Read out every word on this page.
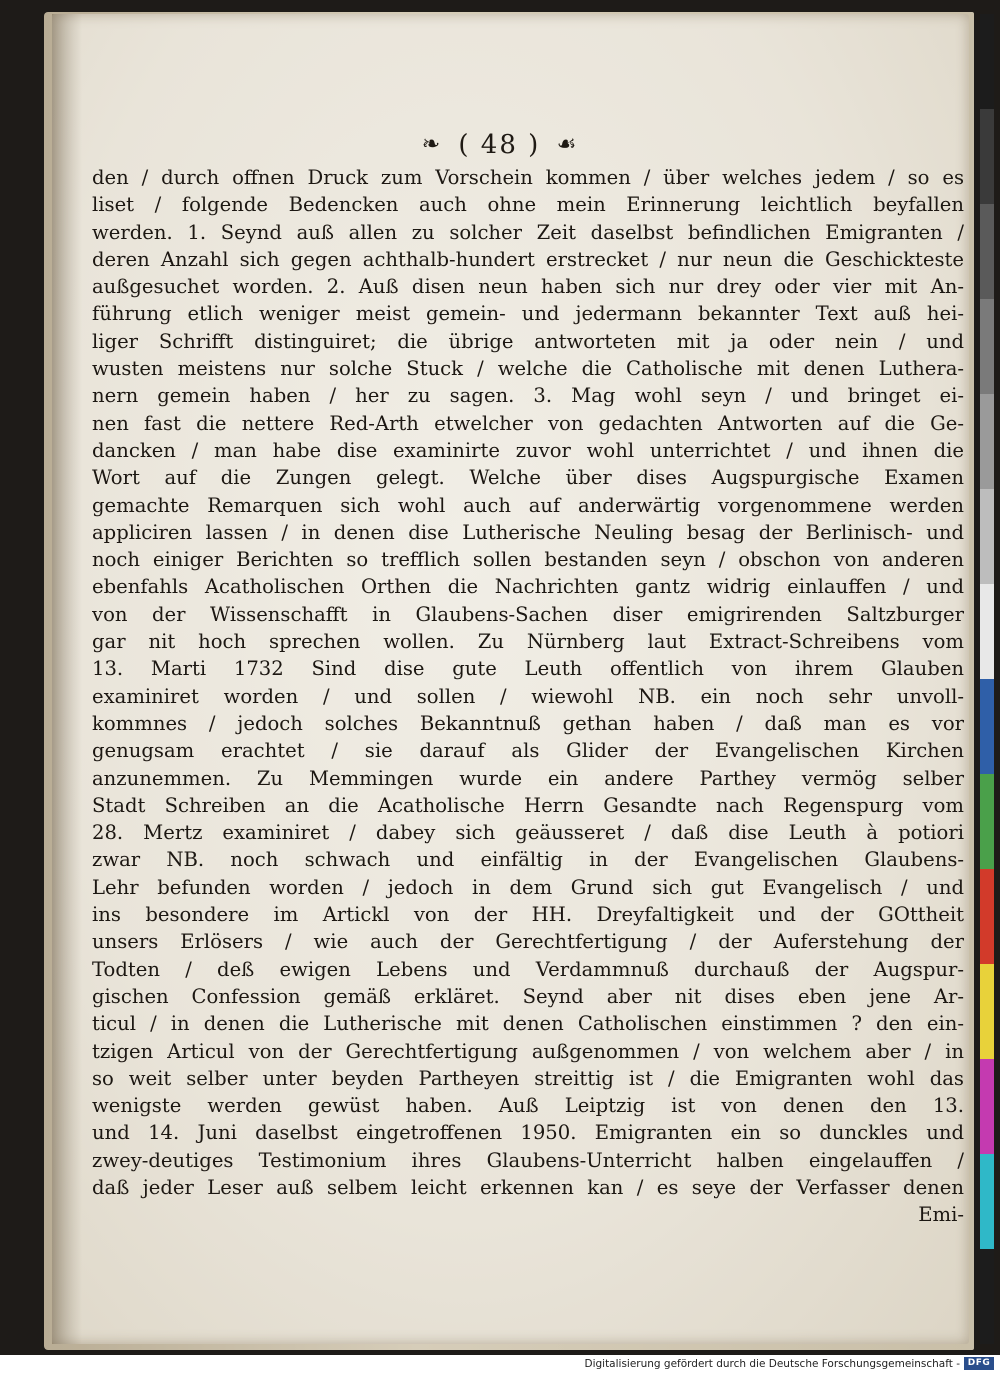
❧ ( 48 ) ☙
den / durch offnen Druck zum Vorschein kommen / über welches jedem / so es
liset / folgende Bedencken auch ohne mein Erinnerung leichtlich beyfallen
werden. 1. Seynd auß allen zu solcher Zeit daselbst befindlichen Emigranten /
deren Anzahl sich gegen achthalb-hundert erstrecket / nur neun die Geschickteste
außgesuchet worden. 2. Auß disen neun haben sich nur drey oder vier mit An-
führung etlich weniger meist gemein- und jedermann bekannter Text auß hei-
liger Schrifft distinguiret; die übrige antworteten mit ja oder nein / und
wusten meistens nur solche Stuck / welche die Catholische mit denen Luthera-
nern gemein haben / her zu sagen. 3. Mag wohl seyn / und bringet ei-
nen fast die nettere Red-Arth etwelcher von gedachten Antworten auf die Ge-
dancken / man habe dise examinirte zuvor wohl unterrichtet / und ihnen die
Wort auf die Zungen gelegt. Welche über dises Augspurgische Examen
gemachte Remarquen sich wohl auch auf anderwärtig vorgenommene werden
appliciren lassen / in denen dise Lutherische Neuling besag der Berlinisch- und
noch einiger Berichten so trefflich sollen bestanden seyn / obschon von anderen
ebenfahls Acatholischen Orthen die Nachrichten gantz widrig einlauffen / und
von der Wissenschafft in Glaubens-Sachen diser emigrirenden Saltzburger
gar nit hoch sprechen wollen. Zu Nürnberg laut Extract-Schreibens vom
13. Marti 1732 Sind dise gute Leuth offentlich von ihrem Glauben
examiniret worden / und sollen / wiewohl NB. ein noch sehr unvoll-
kommnes / jedoch solches Bekanntnuß gethan haben / daß man es vor
genugsam erachtet / sie darauf als Glider der Evangelischen Kirchen
anzunemmen. Zu Memmingen wurde ein andere Parthey vermög selber
Stadt Schreiben an die Acatholische Herrn Gesandte nach Regenspurg vom
28. Mertz examiniret / dabey sich geäusseret / daß dise Leuth à potiori
zwar NB. noch schwach und einfältig in der Evangelischen Glaubens-
Lehr befunden worden / jedoch in dem Grund sich gut Evangelisch / und
ins besondere im Artickl von der HH. Dreyfaltigkeit und der GOttheit
unsers Erlösers / wie auch der Gerechtfertigung / der Auferstehung der
Todten / deß ewigen Lebens und Verdammnuß durchauß der Augspur-
gischen Confession gemäß erkläret. Seynd aber nit dises eben jene Ar-
ticul / in denen die Lutherische mit denen Catholischen einstimmen ? den ein-
tzigen Articul von der Gerechtfertigung außgenommen / von welchem aber / in
so weit selber unter beyden Partheyen streittig ist / die Emigranten wohl das
wenigste werden gewüst haben. Auß Leiptzig ist von denen den 13.
und 14. Juni daselbst eingetroffenen 1950. Emigranten ein so dunckles und
zwey-deutiges Testimonium ihres Glaubens-Unterricht halben eingelauffen /
daß jeder Leser auß selbem leicht erkennen kan / es seye der Verfasser denen
Emi-
Digitalisierung gefördert durch die Deutsche Forschungsgemeinschaft - DFG
